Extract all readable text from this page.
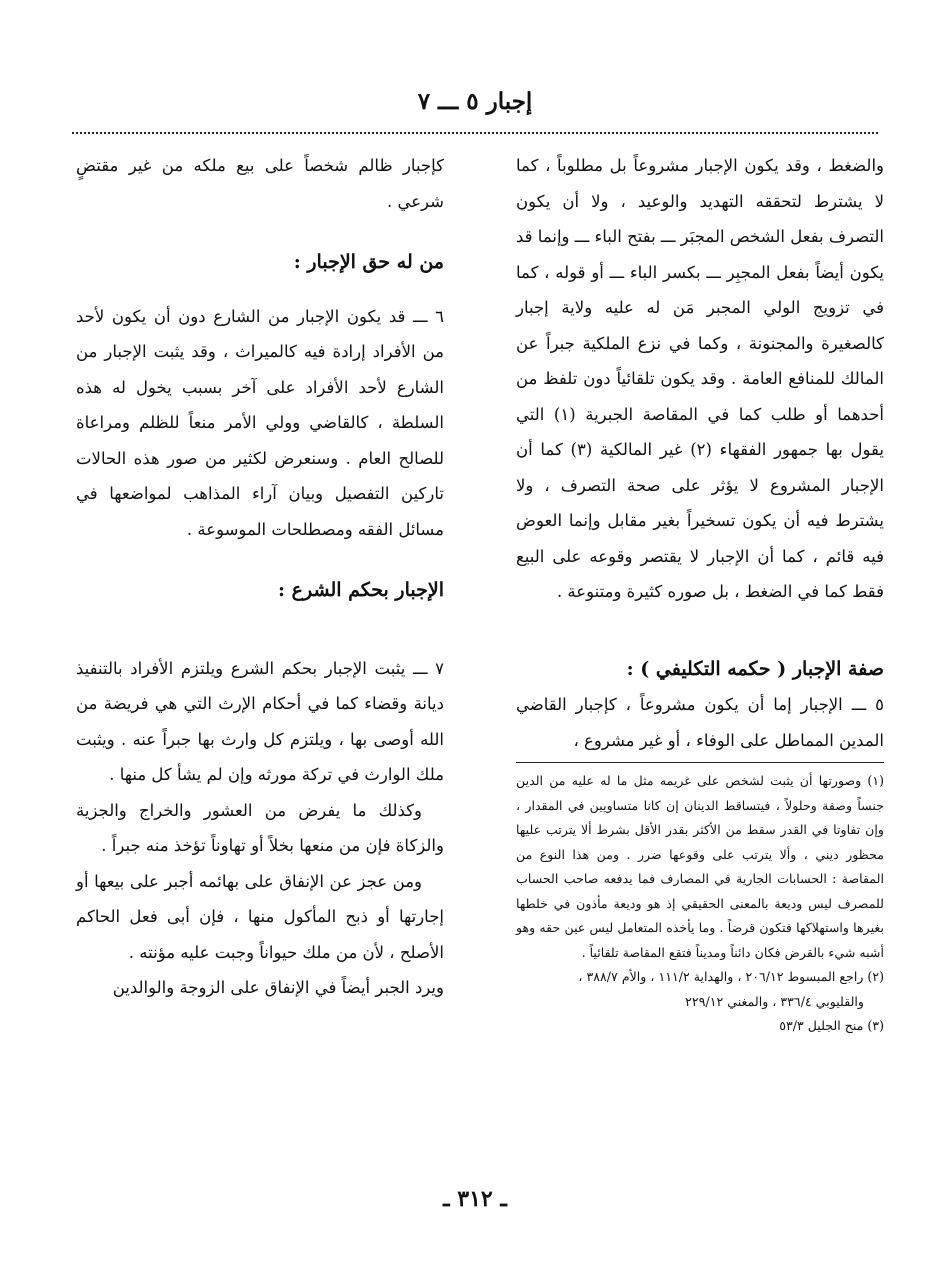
إجبار ٥ ـــ ٧

والضغط ، وقد يكون الإجبار مشروعاً بل مطلوباً ، كما لا يشترط لتحققه التهديد والوعيد ، ولا أن يكون التصرف بفعل الشخص المجبَر ـــ بفتح الباء ـــ وإنما قد يكون أيضاً بفعل المجبِر ـــ بكسر الباء ـــ أو قوله ، كما في تزويج الولي المجبر مَن له عليه ولاية إجبار كالصغيرة والمجنونة ، وكما في نزع الملكية جبراً عن المالك للمنافع العامة . وقد يكون تلقائياً دون تلفظ من أحدهما أو طلب كما في المقاصة الجبرية (١) التي يقول بها جمهور الفقهاء (٢) غير المالكية (٣) كما أن الإجبار المشروع لا يؤثر على صحة التصرف ، ولا يشترط فيه أن يكون تسخيراً بغير مقابل وإنما العوض فيه قائم ، كما أن الإجبار لا يقتصر وقوعه على البيع فقط كما في الضغط ، بل صوره كثيرة ومتنوعة .

صفة الإجبار ( حكمه التكليفي ) :

٥ ـــ الإجبار إما أن يكون مشروعاً ، كإجبار القاضي المدين المماطل على الوفاء ، أو غير مشروع ،

(١) وصورتها أن يثبت لشخص على غريمه مثل ما له عليه من الدين جنساً وصفة وحلولاً ، فيتساقط الدينان إن كانا متساويين في المقدار ، وإن تفاوتا في القدر سقط من الأكثر بقدر الأقل بشرط ألا يترتب عليها محظور ديني ، وألا يترتب على وقوعها ضرر . ومن هذا النوع من المقاصة : الحسابات الجارية في المصارف فما يدفعه صاحب الحساب للمصرف ليس وديعة بالمعنى الحقيقي إذ هو وديعة مأذون في خلطها بغيرها واستهلاكها فتكون قرضاً . وما يأخذه المتعامل ليس عين حقه وهو أشبه شيء بالقرض فكان دائناً ومديناً فتقع المقاصة تلقائياً .

(٢) راجع المبسوط ٢٠٦/١٢ ، والهداية ١١١/٢ ، والأم ٣٨٨/٧ ،

والقليوبي ٣٣٦/٤ ، والمغني ٢٢٩/١٢

(٣) منح الجليل ٥٣/٣

كإجبار ظالم شخصاً على بيع ملكه من غير مقتضٍ شرعي .

من له حق الإجبار :

٦ ـــ قد يكون الإجبار من الشارع دون أن يكون لأحد من الأفراد إرادة فيه كالميراث ، وقد يثبت الإجبار من الشارع لأحد الأفراد على آخر بسبب يخول له هذه السلطة ، كالقاضي وولي الأمر منعاً للظلم ومراعاة للصالح العام . وسنعرض لكثير من صور هذه الحالات تاركين التفصيل وبيان آراء المذاهب لمواضعها في مسائل الفقه ومصطلحات الموسوعة .

الإجبار بحكم الشرع :

٧ ـــ يثبت الإجبار بحكم الشرع ويلتزم الأفراد بالتنفيذ ديانة وقضاء كما في أحكام الإرث التي هي فريضة من الله أوصى بها ، ويلتزم كل وارث بها جبراً عنه . ويثبت ملك الوارث في تركة مورثه وإن لم يشأ كل منها .

وكذلك ما يفرض من العشور والخراج والجزية والزكاة فإن من منعها بخلاً أو تهاوناً تؤخذ منه جبراً .

ومن عجز عن الإنفاق على بهائمه أجبر على بيعها أو إجارتها أو ذبح المأكول منها ، فإن أبى فعل الحاكم الأصلح ، لأن من ملك حيواناً وجبت عليه مؤنته .

ويرد الجبر أيضاً في الإنفاق على الزوجة والوالدين

ـ ٣١٢ ـ
